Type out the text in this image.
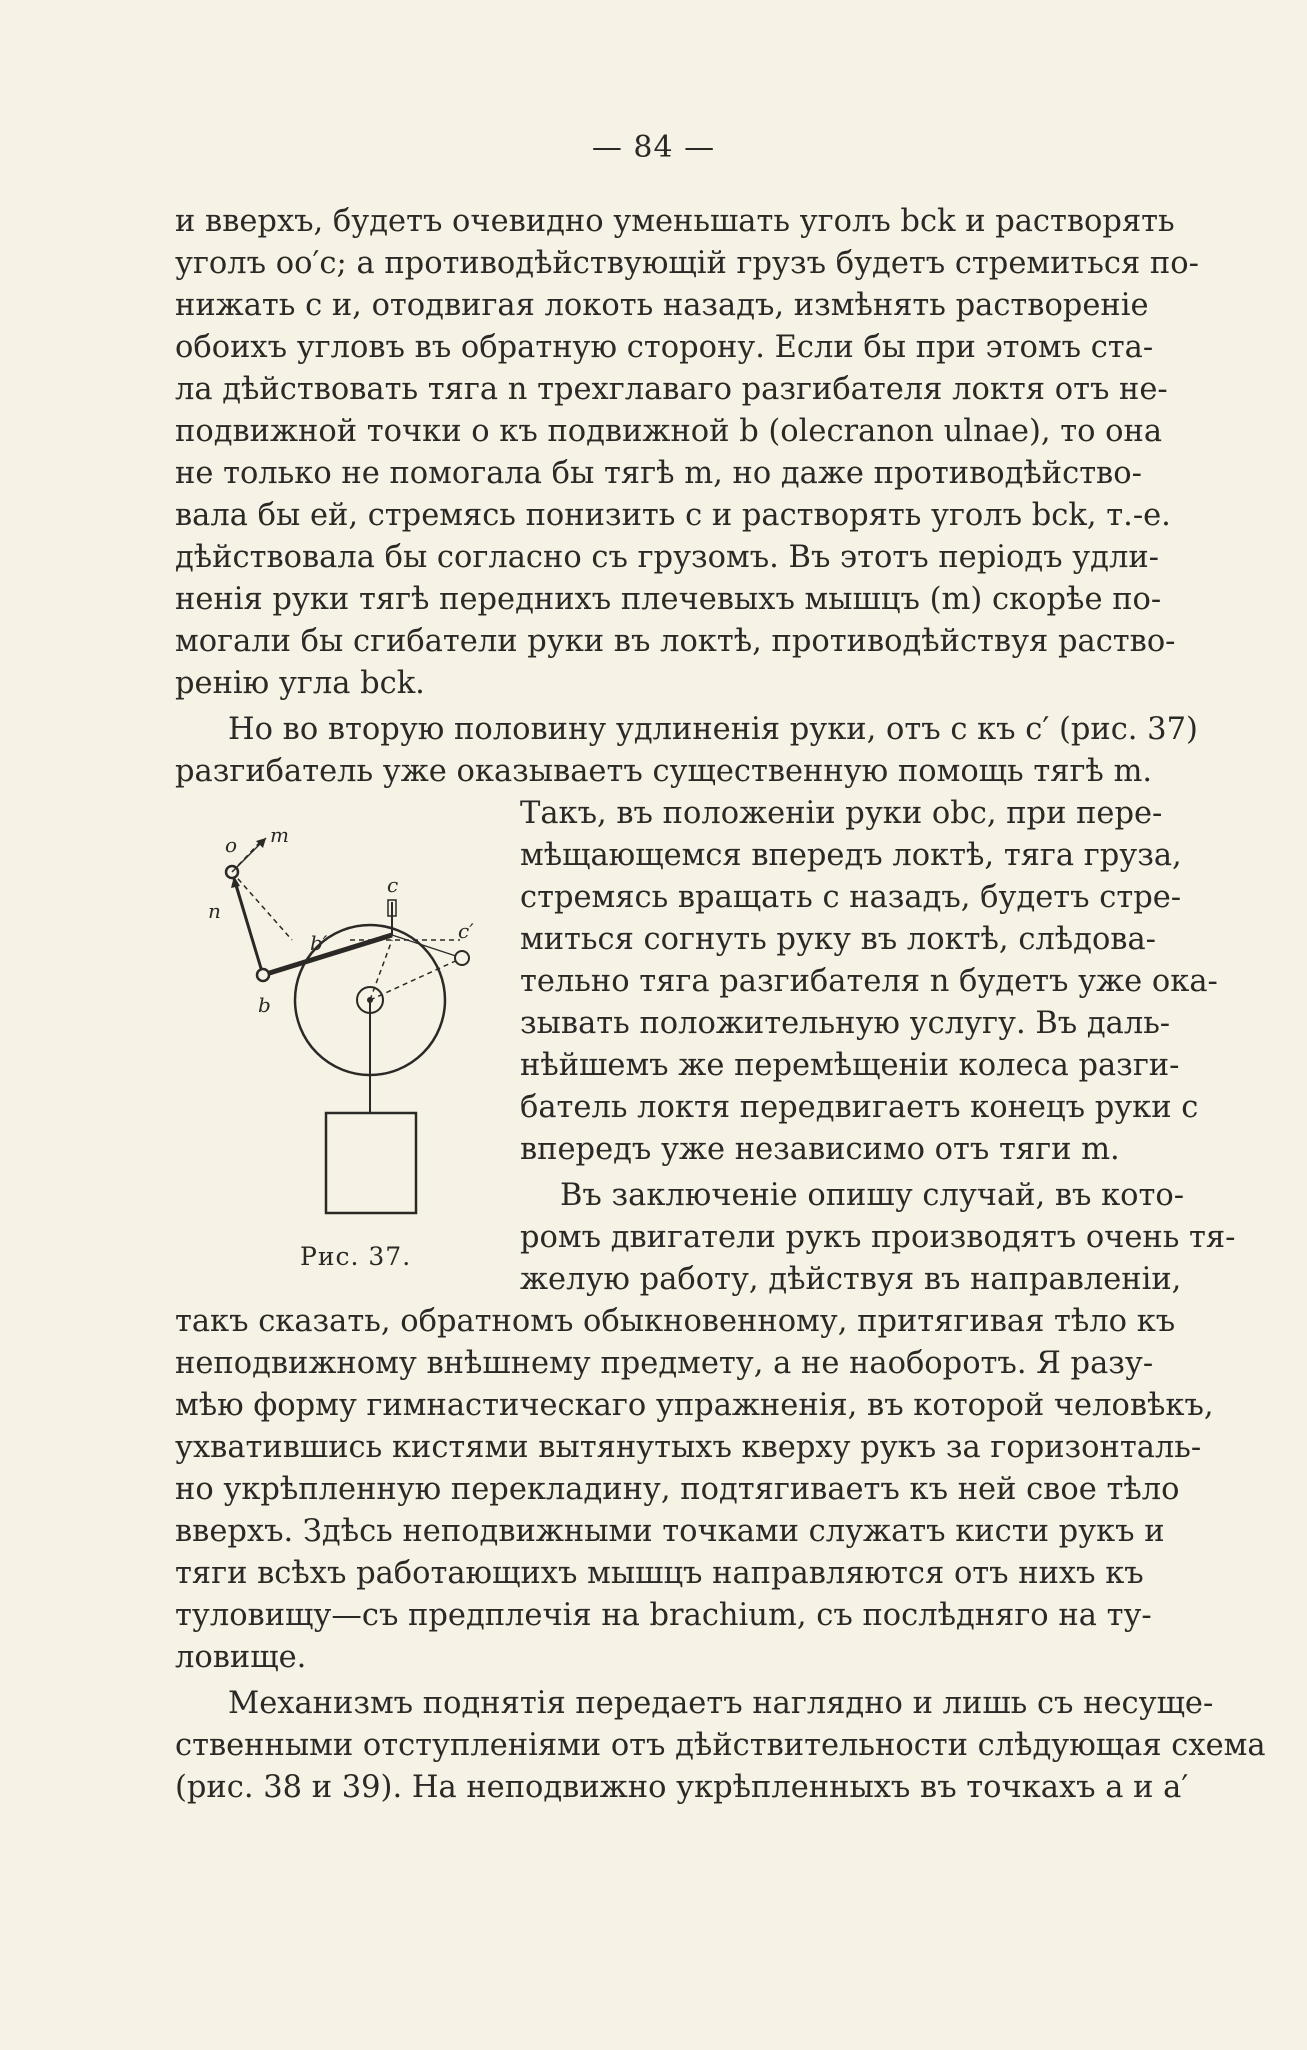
— 84 —
и вверхъ, будетъ очевидно уменьшать уголъ bck и растворять
уголъ oo′c; а противодѣйствующій грузъ будетъ стремиться по-
нижать c и, отодвигая локоть назадъ, измѣнять раствореніе
обоихъ угловъ въ обратную сторону. Если бы при этомъ ста-
ла дѣйствовать тяга n трехглаваго разгибателя локтя отъ не-
подвижной точки o къ подвижной b (olecranon ulnae), то она
не только не помогала бы тягѣ m, но даже противодѣйство-
вала бы ей, стремясь понизить c и растворять уголъ bck, т.-е.
дѣйствовала бы согласно съ грузомъ. Въ этотъ періодъ удли-
ненія руки тягѣ переднихъ плечевыхъ мышцъ (m) скорѣе по-
могали бы сгибатели руки въ локтѣ, противодѣйствуя раство-
ренію угла bck.
Но во вторую половину удлиненія руки, отъ c къ c′ (рис. 37)
разгибатель уже оказываетъ существенную помощь тягѣ m.
Такъ, въ положеніи руки obc, при пере-
мѣщающемся впередъ локтѣ, тяга груза,
стремясь вращать c назадъ, будетъ стре-
миться согнуть руку въ локтѣ, слѣдова-
тельно тяга разгибателя n будетъ уже ока-
зывать положительную услугу. Въ даль-
нѣйшемъ же перемѣщеніи колеса разги-
батель локтя передвигаетъ конецъ руки c
впередъ уже независимо отъ тяги m.
Въ заключеніе опишу случай, въ кото-
ромъ двигатели рукъ производятъ очень тя-
желую работу, дѣйствуя въ направленіи,
такъ сказать, обратномъ обыкновенному, притягивая тѣло къ
неподвижному внѣшнему предмету, а не наоборотъ. Я разу-
мѣю форму гимнастическаго упражненія, въ которой человѣкъ,
ухватившись кистями вытянутыхъ кверху рукъ за горизонталь-
но укрѣпленную перекладину, подтягиваетъ къ ней свое тѣло
вверхъ. Здѣсь неподвижными точками служатъ кисти рукъ и
тяги всѣхъ работающихъ мышцъ направляются отъ нихъ къ
туловищу—съ предплечія на brachium, съ послѣдняго на ту-
ловище.
Механизмъ поднятія передаетъ наглядно и лишь съ несуще-
ственными отступленіями отъ дѣйствительности слѣдующая схема
(рис. 38 и 39). На неподвижно укрѣпленныхъ въ точкахъ a и a′
o m
n
b′
b
c
c′
Рис. 37.
